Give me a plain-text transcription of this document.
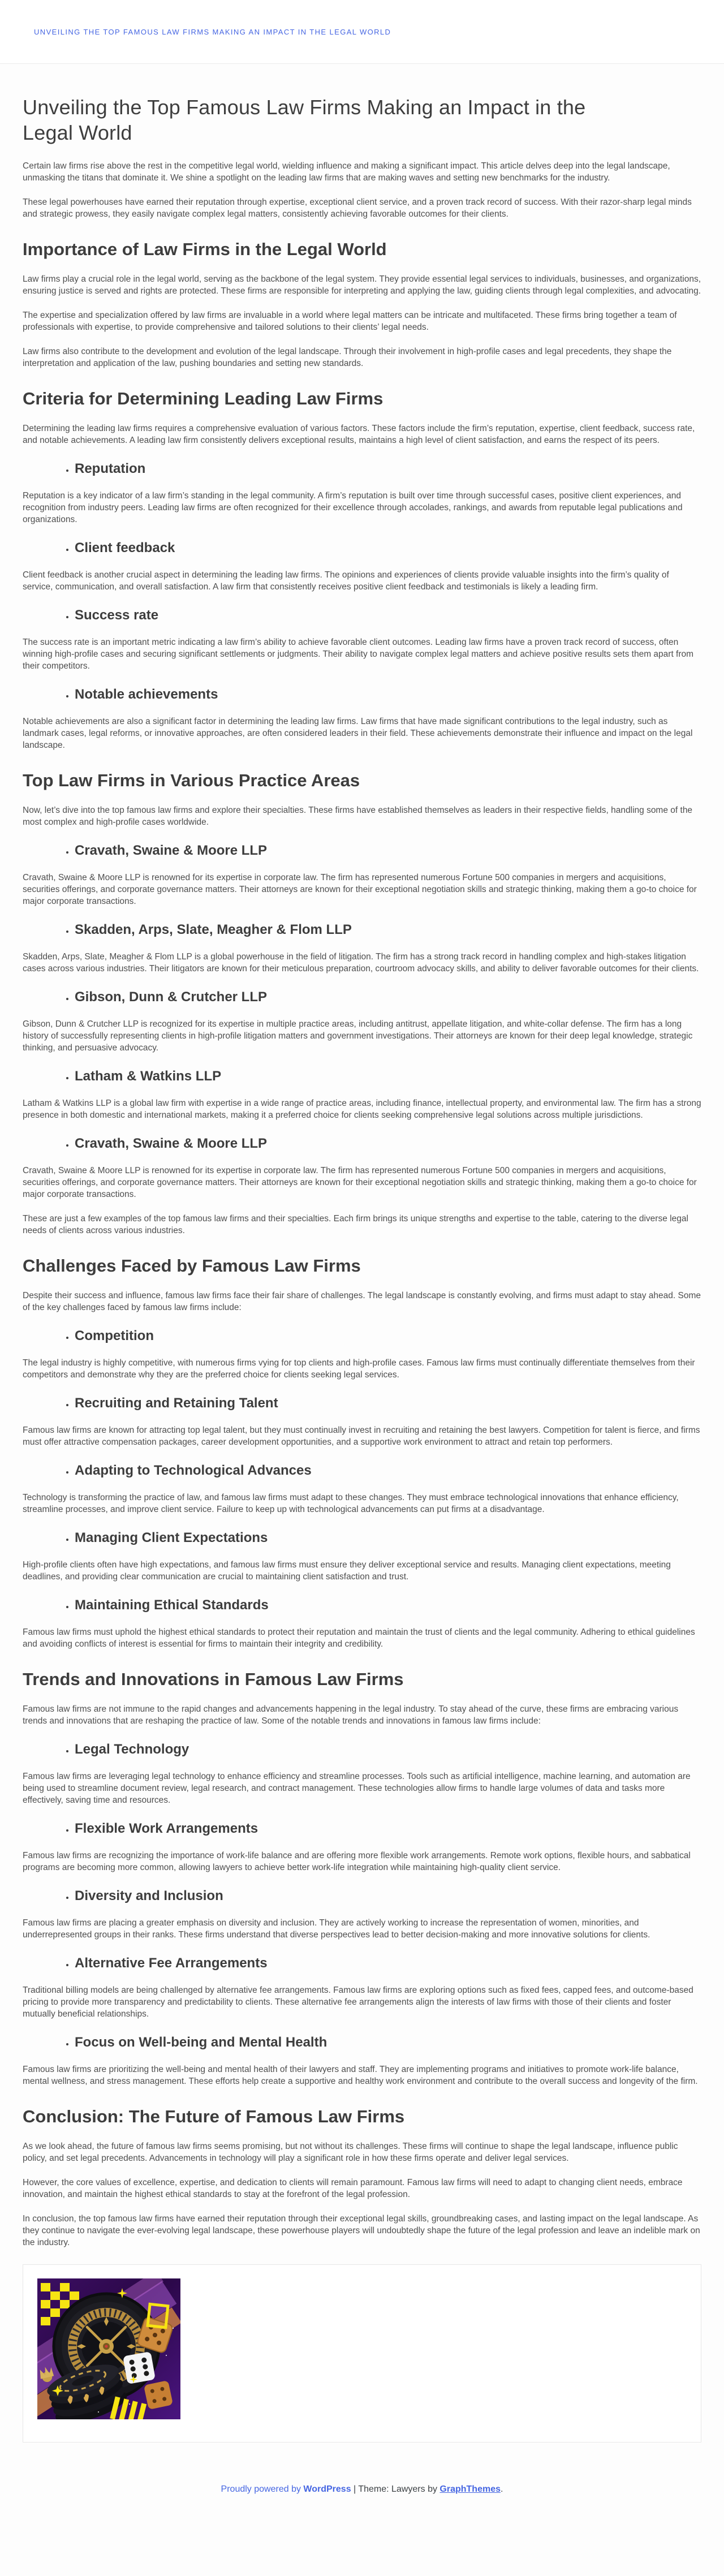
UNVEILING THE TOP FAMOUS LAW FIRMS MAKING AN IMPACT IN THE LEGAL WORLD
Unveiling the Top Famous Law Firms Making an Impact in the
Legal World

Certain law firms rise above the rest in the competitive legal world, wielding influence and making a significant impact. This article delves deep into the legal landscape, unmasking the titans that dominate it. We shine a spotlight on the leading law firms that are making waves and setting new benchmarks for the industry.

These legal powerhouses have earned their reputation through expertise, exceptional client service, and a proven track record of success. With their razor-sharp legal minds and strategic prowess, they easily navigate complex legal matters, consistently achieving favorable outcomes for their clients.

Importance of Law Firms in the Legal World

Law firms play a crucial role in the legal world, serving as the backbone of the legal system. They provide essential legal services to individuals, businesses, and organizations, ensuring justice is served and rights are protected. These firms are responsible for interpreting and applying the law, guiding clients through legal complexities, and advocating.

The expertise and specialization offered by law firms are invaluable in a world where legal matters can be intricate and multifaceted. These firms bring together a team of professionals with expertise, to provide comprehensive and tailored solutions to their clients’ legal needs.

Law firms also contribute to the development and evolution of the legal landscape. Through their involvement in high-profile cases and legal precedents, they shape the interpretation and application of the law, pushing boundaries and setting new standards.

Criteria for Determining Leading Law Firms

Determining the leading law firms requires a comprehensive evaluation of various factors. These factors include the firm’s reputation, expertise, client feedback, success rate, and notable achievements. A leading law firm consistently delivers exceptional results, maintains a high level of client satisfaction, and earns the respect of its peers.

• Reputation

Reputation is a key indicator of a law firm’s standing in the legal community. A firm’s reputation is built over time through successful cases, positive client experiences, and recognition from industry peers. Leading law firms are often recognized for their excellence through accolades, rankings, and awards from reputable legal publications and organizations.

• Client feedback

Client feedback is another crucial aspect in determining the leading law firms. The opinions and experiences of clients provide valuable insights into the firm’s quality of service, communication, and overall satisfaction. A law firm that consistently receives positive client feedback and testimonials is likely a leading firm.

• Success rate

The success rate is an important metric indicating a law firm’s ability to achieve favorable client outcomes. Leading law firms have a proven track record of success, often winning high-profile cases and securing significant settlements or judgments. Their ability to navigate complex legal matters and achieve positive results sets them apart from their competitors.

• Notable achievements

Notable achievements are also a significant factor in determining the leading law firms. Law firms that have made significant contributions to the legal industry, such as landmark cases, legal reforms, or innovative approaches, are often considered leaders in their field. These achievements demonstrate their influence and impact on the legal landscape.

Top Law Firms in Various Practice Areas

Now, let’s dive into the top famous law firms and explore their specialties. These firms have established themselves as leaders in their respective fields, handling some of the most complex and high-profile cases worldwide.

• Cravath, Swaine & Moore LLP

Cravath, Swaine & Moore LLP is renowned for its expertise in corporate law. The firm has represented numerous Fortune 500 companies in mergers and acquisitions, securities offerings, and corporate governance matters. Their attorneys are known for their exceptional negotiation skills and strategic thinking, making them a go-to choice for major corporate transactions.

• Skadden, Arps, Slate, Meagher & Flom LLP

Skadden, Arps, Slate, Meagher & Flom LLP is a global powerhouse in the field of litigation. The firm has a strong track record in handling complex and high-stakes litigation cases across various industries. Their litigators are known for their meticulous preparation, courtroom advocacy skills, and ability to deliver favorable outcomes for their clients.

• Gibson, Dunn & Crutcher LLP

Gibson, Dunn & Crutcher LLP is recognized for its expertise in multiple practice areas, including antitrust, appellate litigation, and white-collar defense. The firm has a long history of successfully representing clients in high-profile litigation matters and government investigations. Their attorneys are known for their deep legal knowledge, strategic thinking, and persuasive advocacy.

• Latham & Watkins LLP

Latham & Watkins LLP is a global law firm with expertise in a wide range of practice areas, including finance, intellectual property, and environmental law. The firm has a strong presence in both domestic and international markets, making it a preferred choice for clients seeking comprehensive legal solutions across multiple jurisdictions.

• Cravath, Swaine & Moore LLP

Cravath, Swaine & Moore LLP is renowned for its expertise in corporate law. The firm has represented numerous Fortune 500 companies in mergers and acquisitions, securities offerings, and corporate governance matters. Their attorneys are known for their exceptional negotiation skills and strategic thinking, making them a go-to choice for major corporate transactions.

These are just a few examples of the top famous law firms and their specialties. Each firm brings its unique strengths and expertise to the table, catering to the diverse legal needs of clients across various industries.

Challenges Faced by Famous Law Firms

Despite their success and influence, famous law firms face their fair share of challenges. The legal landscape is constantly evolving, and firms must adapt to stay ahead. Some of the key challenges faced by famous law firms include:

• Competition

The legal industry is highly competitive, with numerous firms vying for top clients and high-profile cases. Famous law firms must continually differentiate themselves from their competitors and demonstrate why they are the preferred choice for clients seeking legal services.

• Recruiting and Retaining Talent

Famous law firms are known for attracting top legal talent, but they must continually invest in recruiting and retaining the best lawyers. Competition for talent is fierce, and firms must offer attractive compensation packages, career development opportunities, and a supportive work environment to attract and retain top performers.

• Adapting to Technological Advances

Technology is transforming the practice of law, and famous law firms must adapt to these changes. They must embrace technological innovations that enhance efficiency, streamline processes, and improve client service. Failure to keep up with technological advancements can put firms at a disadvantage.

• Managing Client Expectations

High-profile clients often have high expectations, and famous law firms must ensure they deliver exceptional service and results. Managing client expectations, meeting deadlines, and providing clear communication are crucial to maintaining client satisfaction and trust.

• Maintaining Ethical Standards

Famous law firms must uphold the highest ethical standards to protect their reputation and maintain the trust of clients and the legal community. Adhering to ethical guidelines and avoiding conflicts of interest is essential for firms to maintain their integrity and credibility.

Trends and Innovations in Famous Law Firms

Famous law firms are not immune to the rapid changes and advancements happening in the legal industry. To stay ahead of the curve, these firms are embracing various trends and innovations that are reshaping the practice of law. Some of the notable trends and innovations in famous law firms include:

• Legal Technology

Famous law firms are leveraging legal technology to enhance efficiency and streamline processes. Tools such as artificial intelligence, machine learning, and automation are being used to streamline document review, legal research, and contract management. These technologies allow firms to handle large volumes of data and tasks more effectively, saving time and resources.

• Flexible Work Arrangements

Famous law firms are recognizing the importance of work-life balance and are offering more flexible work arrangements. Remote work options, flexible hours, and sabbatical programs are becoming more common, allowing lawyers to achieve better work-life integration while maintaining high-quality client service.

• Diversity and Inclusion

Famous law firms are placing a greater emphasis on diversity and inclusion. They are actively working to increase the representation of women, minorities, and underrepresented groups in their ranks. These firms understand that diverse perspectives lead to better decision-making and more innovative solutions for clients.

• Alternative Fee Arrangements

Traditional billing models are being challenged by alternative fee arrangements. Famous law firms are exploring options such as fixed fees, capped fees, and outcome-based pricing to provide more transparency and predictability to clients. These alternative fee arrangements align the interests of law firms with those of their clients and foster mutually beneficial relationships.

• Focus on Well-being and Mental Health

Famous law firms are prioritizing the well-being and mental health of their lawyers and staff. They are implementing programs and initiatives to promote work-life balance, mental wellness, and stress management. These efforts help create a supportive and healthy work environment and contribute to the overall success and longevity of the firm.

Conclusion: The Future of Famous Law Firms

As we look ahead, the future of famous law firms seems promising, but not without its challenges. These firms will continue to shape the legal landscape, influence public policy, and set legal precedents. Advancements in technology will play a significant role in how these firms operate and deliver legal services.

However, the core values of excellence, expertise, and dedication to clients will remain paramount. Famous law firms will need to adapt to changing client needs, embrace innovation, and maintain the highest ethical standards to stay at the forefront of the legal profession.

In conclusion, the top famous law firms have earned their reputation through their exceptional legal skills, groundbreaking cases, and lasting impact on the legal landscape. As they continue to navigate the ever-evolving legal landscape, these powerhouse players will undoubtedly shape the future of the legal profession and leave an indelible mark on the industry.

Proudly powered by WordPress | Theme: Lawyers by GraphThemes.
